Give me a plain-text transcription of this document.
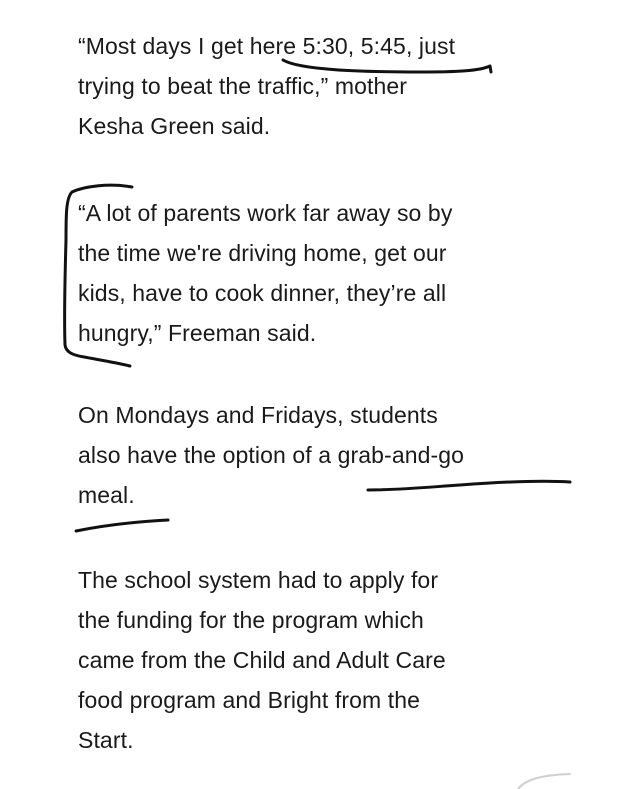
“Most days I get here 5:30, 5:45, just
trying to beat the traffic,” mother
Kesha Green said.

“A lot of parents work far away so by
the time we're driving home, get our
kids, have to cook dinner, they’re all
hungry,” Freeman said.

On Mondays and Fridays, students
also have the option of a grab-and-go
meal.

The school system had to apply for
the funding for the program which
came from the Child and Adult Care
food program and Bright from the
Start.
